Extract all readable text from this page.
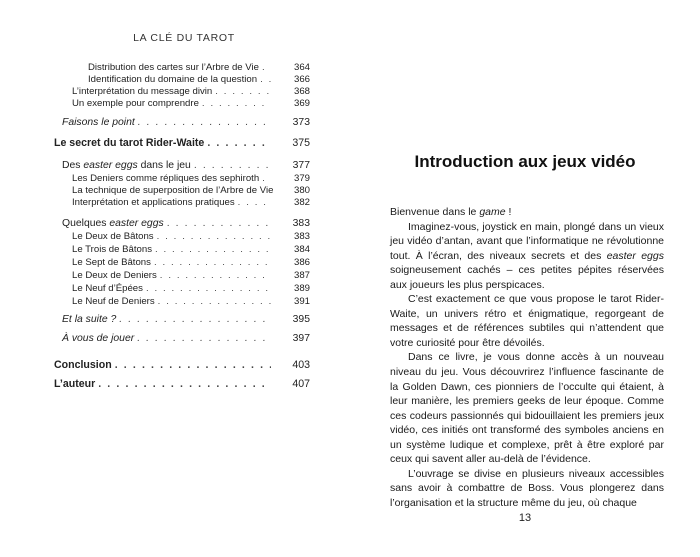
LA CLÉ DU TAROT
Distribution des cartes sur l’Arbre de Vie . . .	364
Identification du domaine de la question . . .	366
L’interprétation du message divin . . .	368
Un exemple pour comprendre . . .	369
Faisons le point . . .	373
Le secret du tarot Rider-Waite . . .	375
Des easter eggs dans le jeu . . .	377
Les Deniers comme répliques des sephiroth . . .	379
La technique de superposition de l’Arbre de Vie	380
Interprétation et applications pratiques . . .	382
Quelques easter eggs . . .	383
Le Deux de Bâtons . . .	383
Le Trois de Bâtons . . .	384
Le Sept de Bâtons . . .	386
Le Deux de Deniers . . .	387
Le Neuf d’Épées . . .	389
Le Neuf de Deniers . . .	391
Et la suite ? . . .	395
À vous de jouer . . .	397
Conclusion . . .	403
L’auteur . . .	407
Introduction aux jeux vidéo

Bienvenue dans le game !

Imaginez-vous, joystick en main, plongé dans un vieux jeu vidéo d’antan, avant que l’informatique ne révolutionne tout. À l’écran, des niveaux secrets et des easter eggs soigneusement cachés – ces petites pépites réservées aux joueurs les plus perspicaces.

C’est exactement ce que vous propose le tarot Rider-Waite, un univers rétro et énigmatique, regorgeant de messages et de références subtiles qui n’attendent que votre curiosité pour être dévoilés.

Dans ce livre, je vous donne accès à un nouveau niveau du jeu. Vous découvrirez l’influence fascinante de la Golden Dawn, ces pionniers de l’occulte qui étaient, à leur manière, les premiers geeks de leur époque. Comme ces codeurs passionnés qui bidouillaient les premiers jeux vidéo, ces initiés ont transformé des symboles anciens en un système ludique et complexe, prêt à être exploré par ceux qui savent aller au-delà de l’évidence.

L’ouvrage se divise en plusieurs niveaux accessibles sans avoir à combattre de Boss. Vous plongerez dans l’organisation et la structure même du jeu, où chaque

13
